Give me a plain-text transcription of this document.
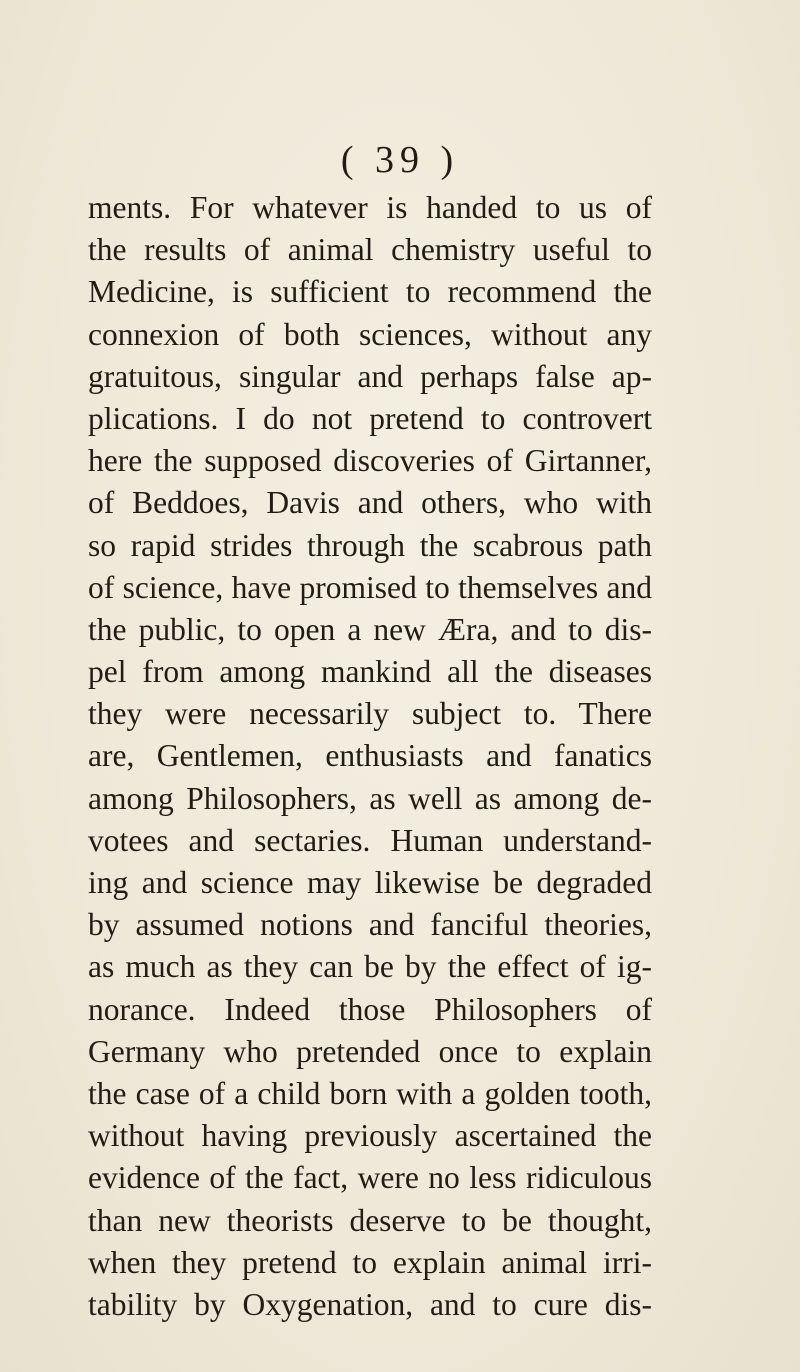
( 39 )
ments. For whatever is handed to us of
the results of animal chemistry useful to
Medicine, is sufficient to recommend the
connexion of both sciences, without any
gratuitous, singular and perhaps false ap-
plications. I do not pretend to controvert
here the supposed discoveries of Girtanner,
of Beddoes, Davis and others, who with
so rapid strides through the scabrous path
of science, have promised to themselves and
the public, to open a new Æra, and to dis-
pel from among mankind all the diseases
they were necessarily subject to. There
are, Gentlemen, enthusiasts and fanatics
among Philosophers, as well as among de-
votees and sectaries. Human understand-
ing and science may likewise be degraded
by assumed notions and fanciful theories,
as much as they can be by the effect of ig-
norance. Indeed those Philosophers of
Germany who pretended once to explain
the case of a child born with a golden tooth,
without having previously ascertained the
evidence of the fact, were no less ridiculous
than new theorists deserve to be thought,
when they pretend to explain animal irri-
tability by Oxygenation, and to cure dis-
